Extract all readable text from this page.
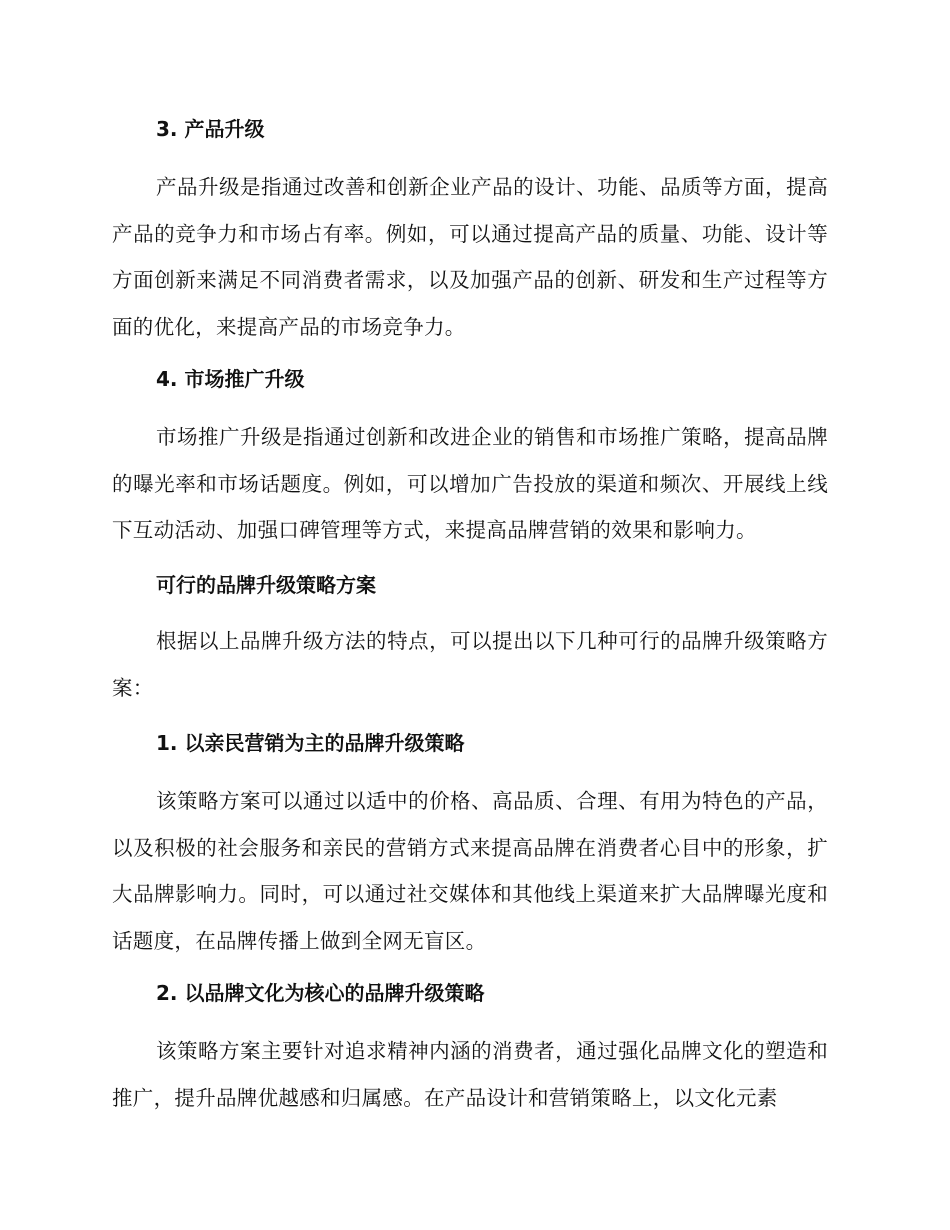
3. 产品升级

产品升级是指通过改善和创新企业产品的设计、功能、品质等方面，提高产品的竞争力和市场占有率。例如，可以通过提高产品的质量、功能、设计等方面创新来满足不同消费者需求，以及加强产品的创新、研发和生产过程等方面的优化，来提高产品的市场竞争力。

4. 市场推广升级

市场推广升级是指通过创新和改进企业的销售和市场推广策略，提高品牌的曝光率和市场话题度。例如，可以增加广告投放的渠道和频次、开展线上线下互动活动、加强口碑管理等方式，来提高品牌营销的效果和影响力。

可行的品牌升级策略方案

根据以上品牌升级方法的特点，可以提出以下几种可行的品牌升级策略方案：

1. 以亲民营销为主的品牌升级策略

该策略方案可以通过以适中的价格、高品质、合理、有用为特色的产品，以及积极的社会服务和亲民的营销方式来提高品牌在消费者心目中的形象，扩大品牌影响力。同时，可以通过社交媒体和其他线上渠道来扩大品牌曝光度和话题度，在品牌传播上做到全网无盲区。

2. 以品牌文化为核心的品牌升级策略

该策略方案主要针对追求精神内涵的消费者，通过强化品牌文化的塑造和推广，提升品牌优越感和归属感。在产品设计和营销策略上，以文化元素
